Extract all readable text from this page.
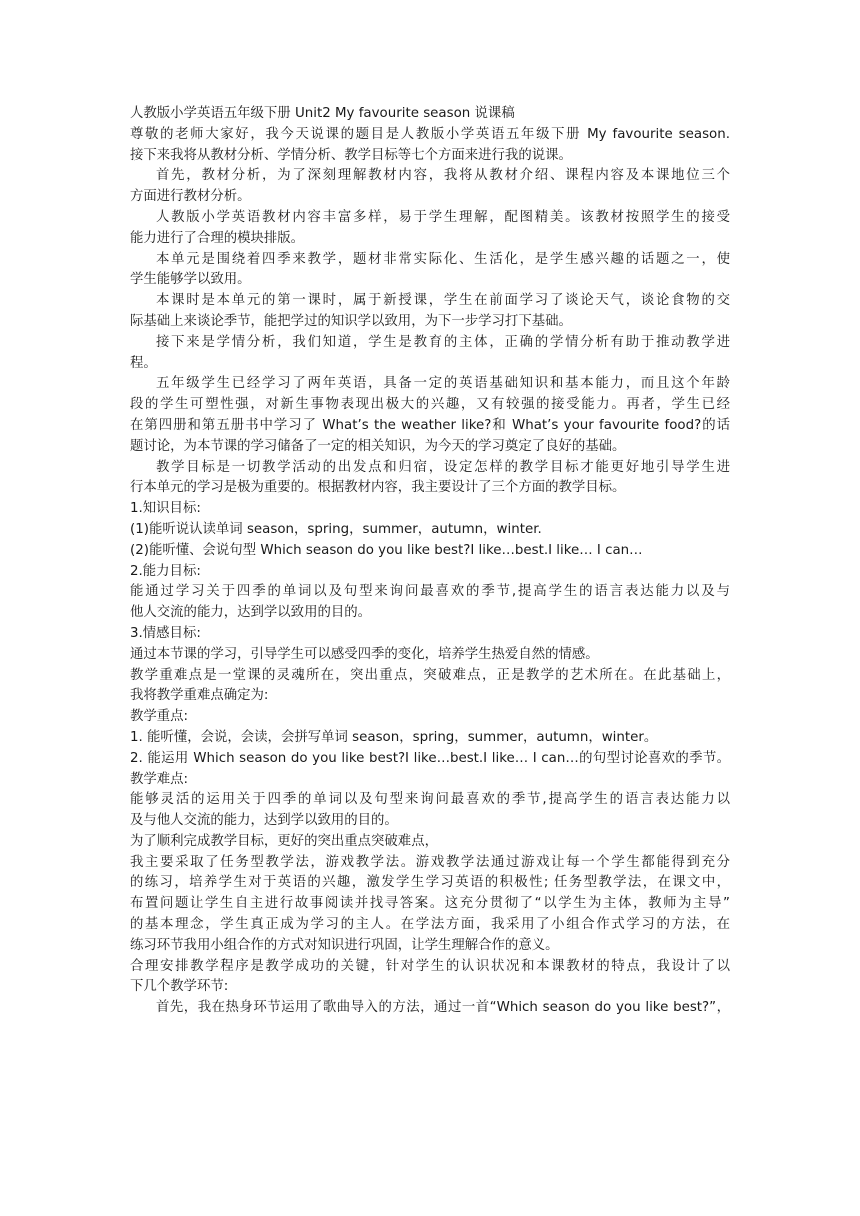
人教版小学英语五年级下册 Unit2 My favourite season 说课稿
尊敬的老师大家好，我今天说课的题目是人教版小学英语五年级下册 My favourite season.
接下来我将从教材分析、学情分析、教学目标等七个方面来进行我的说课。
首先，教材分析，为了深刻理解教材内容，我将从教材介绍、课程内容及本课地位三个
方面进行教材分析。
人教版小学英语教材内容丰富多样，易于学生理解，配图精美。该教材按照学生的接受
能力进行了合理的模块排版。
本单元是围绕着四季来教学，题材非常实际化、生活化，是学生感兴趣的话题之一，使
学生能够学以致用。
本课时是本单元的第一课时，属于新授课，学生在前面学习了谈论天气，谈论食物的交
际基础上来谈论季节，能把学过的知识学以致用，为下一步学习打下基础。
接下来是学情分析，我们知道，学生是教育的主体，正确的学情分析有助于推动教学进
程。
五年级学生已经学习了两年英语，具备一定的英语基础知识和基本能力，而且这个年龄
段的学生可塑性强，对新生事物表现出极大的兴趣，又有较强的接受能力。再者，学生已经
在第四册和第五册书中学习了 What’s the weather like?和 What’s your favourite food?的话
题讨论，为本节课的学习储备了一定的相关知识，为今天的学习奠定了良好的基础。
教学目标是一切教学活动的出发点和归宿，设定怎样的教学目标才能更好地引导学生进
行本单元的学习是极为重要的。根据教材内容，我主要设计了三个方面的教学目标。
1.知识目标:
(1)能听说认读单词 season，spring，summer，autumn，winter.
(2)能听懂、会说句型 Which season do you like best?I like…best.I like… I can…
2.能力目标:
能通过学习关于四季的单词以及句型来询问最喜欢的季节,提高学生的语言表达能力以及与
他人交流的能力，达到学以致用的目的。
3.情感目标:
通过本节课的学习，引导学生可以感受四季的变化，培养学生热爱自然的情感。
教学重难点是一堂课的灵魂所在，突出重点，突破难点，正是教学的艺术所在。在此基础上，
我将教学重难点确定为:
教学重点:
1. 能听懂，会说，会读，会拼写单词 season，spring，summer，autumn，winter。
2. 能运用 Which season do you like best?I like…best.I like… I can…的句型讨论喜欢的季节。
教学难点:
能够灵活的运用关于四季的单词以及句型来询问最喜欢的季节,提高学生的语言表达能力以
及与他人交流的能力，达到学以致用的目的。
为了顺利完成教学目标，更好的突出重点突破难点，
我主要采取了任务型教学法，游戏教学法。游戏教学法通过游戏让每一个学生都能得到充分
的练习，培养学生对于英语的兴趣，激发学生学习英语的积极性; 任务型教学法，在课文中，
布置问题让学生自主进行故事阅读并找寻答案。这充分贯彻了“以学生为主体，教师为主导”
的基本理念，学生真正成为学习的主人。在学法方面，我采用了小组合作式学习的方法，在
练习环节我用小组合作的方式对知识进行巩固，让学生理解合作的意义。
合理安排教学程序是教学成功的关键，针对学生的认识状况和本课教材的特点，我设计了以
下几个教学环节:
首先，我在热身环节运用了歌曲导入的方法，通过一首“Which season do you like best?”，
